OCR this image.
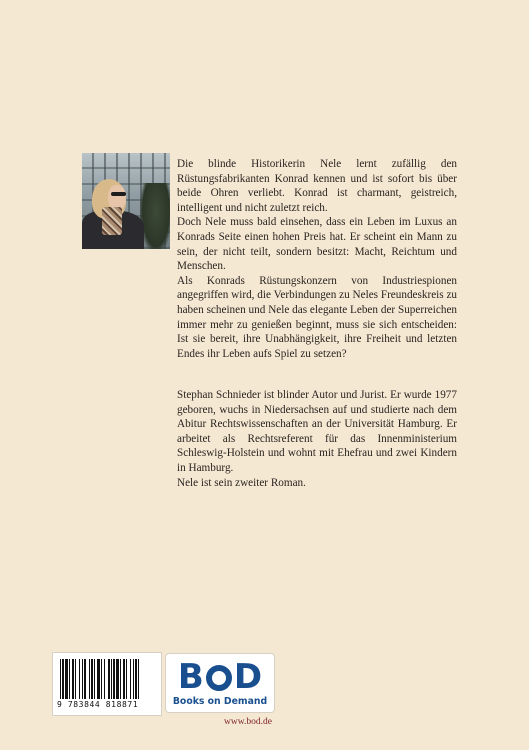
Die blinde Historikerin Nele lernt zufällig den Rüstungsfabrikanten Konrad kennen und ist sofort bis über beide Ohren verliebt. Konrad ist charmant, geistreich, intelligent und nicht zuletzt reich.

Doch Nele muss bald einsehen, dass ein Leben im Luxus an Konrads Seite einen hohen Preis hat. Er scheint ein Mann zu sein, der nicht teilt, sondern besitzt: Macht, Reichtum und Menschen.

Als Konrads Rüstungskonzern von Industriespionen angegriffen wird, die Verbindungen zu Neles Freundeskreis zu haben scheinen und Nele das elegante Leben der Superreichen immer mehr zu genießen beginnt, muss sie sich entscheiden: Ist sie bereit, ihre Unabhängigkeit, ihre Freiheit und letzten Endes ihr Leben aufs Spiel zu setzen?

Stephan Schnieder ist blinder Autor und Jurist. Er wurde 1977 geboren, wuchs in Niedersachsen auf und studierte nach dem Abitur Rechtswissenschaften an der Universität Hamburg. Er arbeitet als Rechtsreferent für das Innenministerium Schleswig-Holstein und wohnt mit Ehefrau und zwei Kindern in Hamburg.

Nele ist sein zweiter Roman.

9 783844 818871
B D
Books on Demand
www.bod.de
